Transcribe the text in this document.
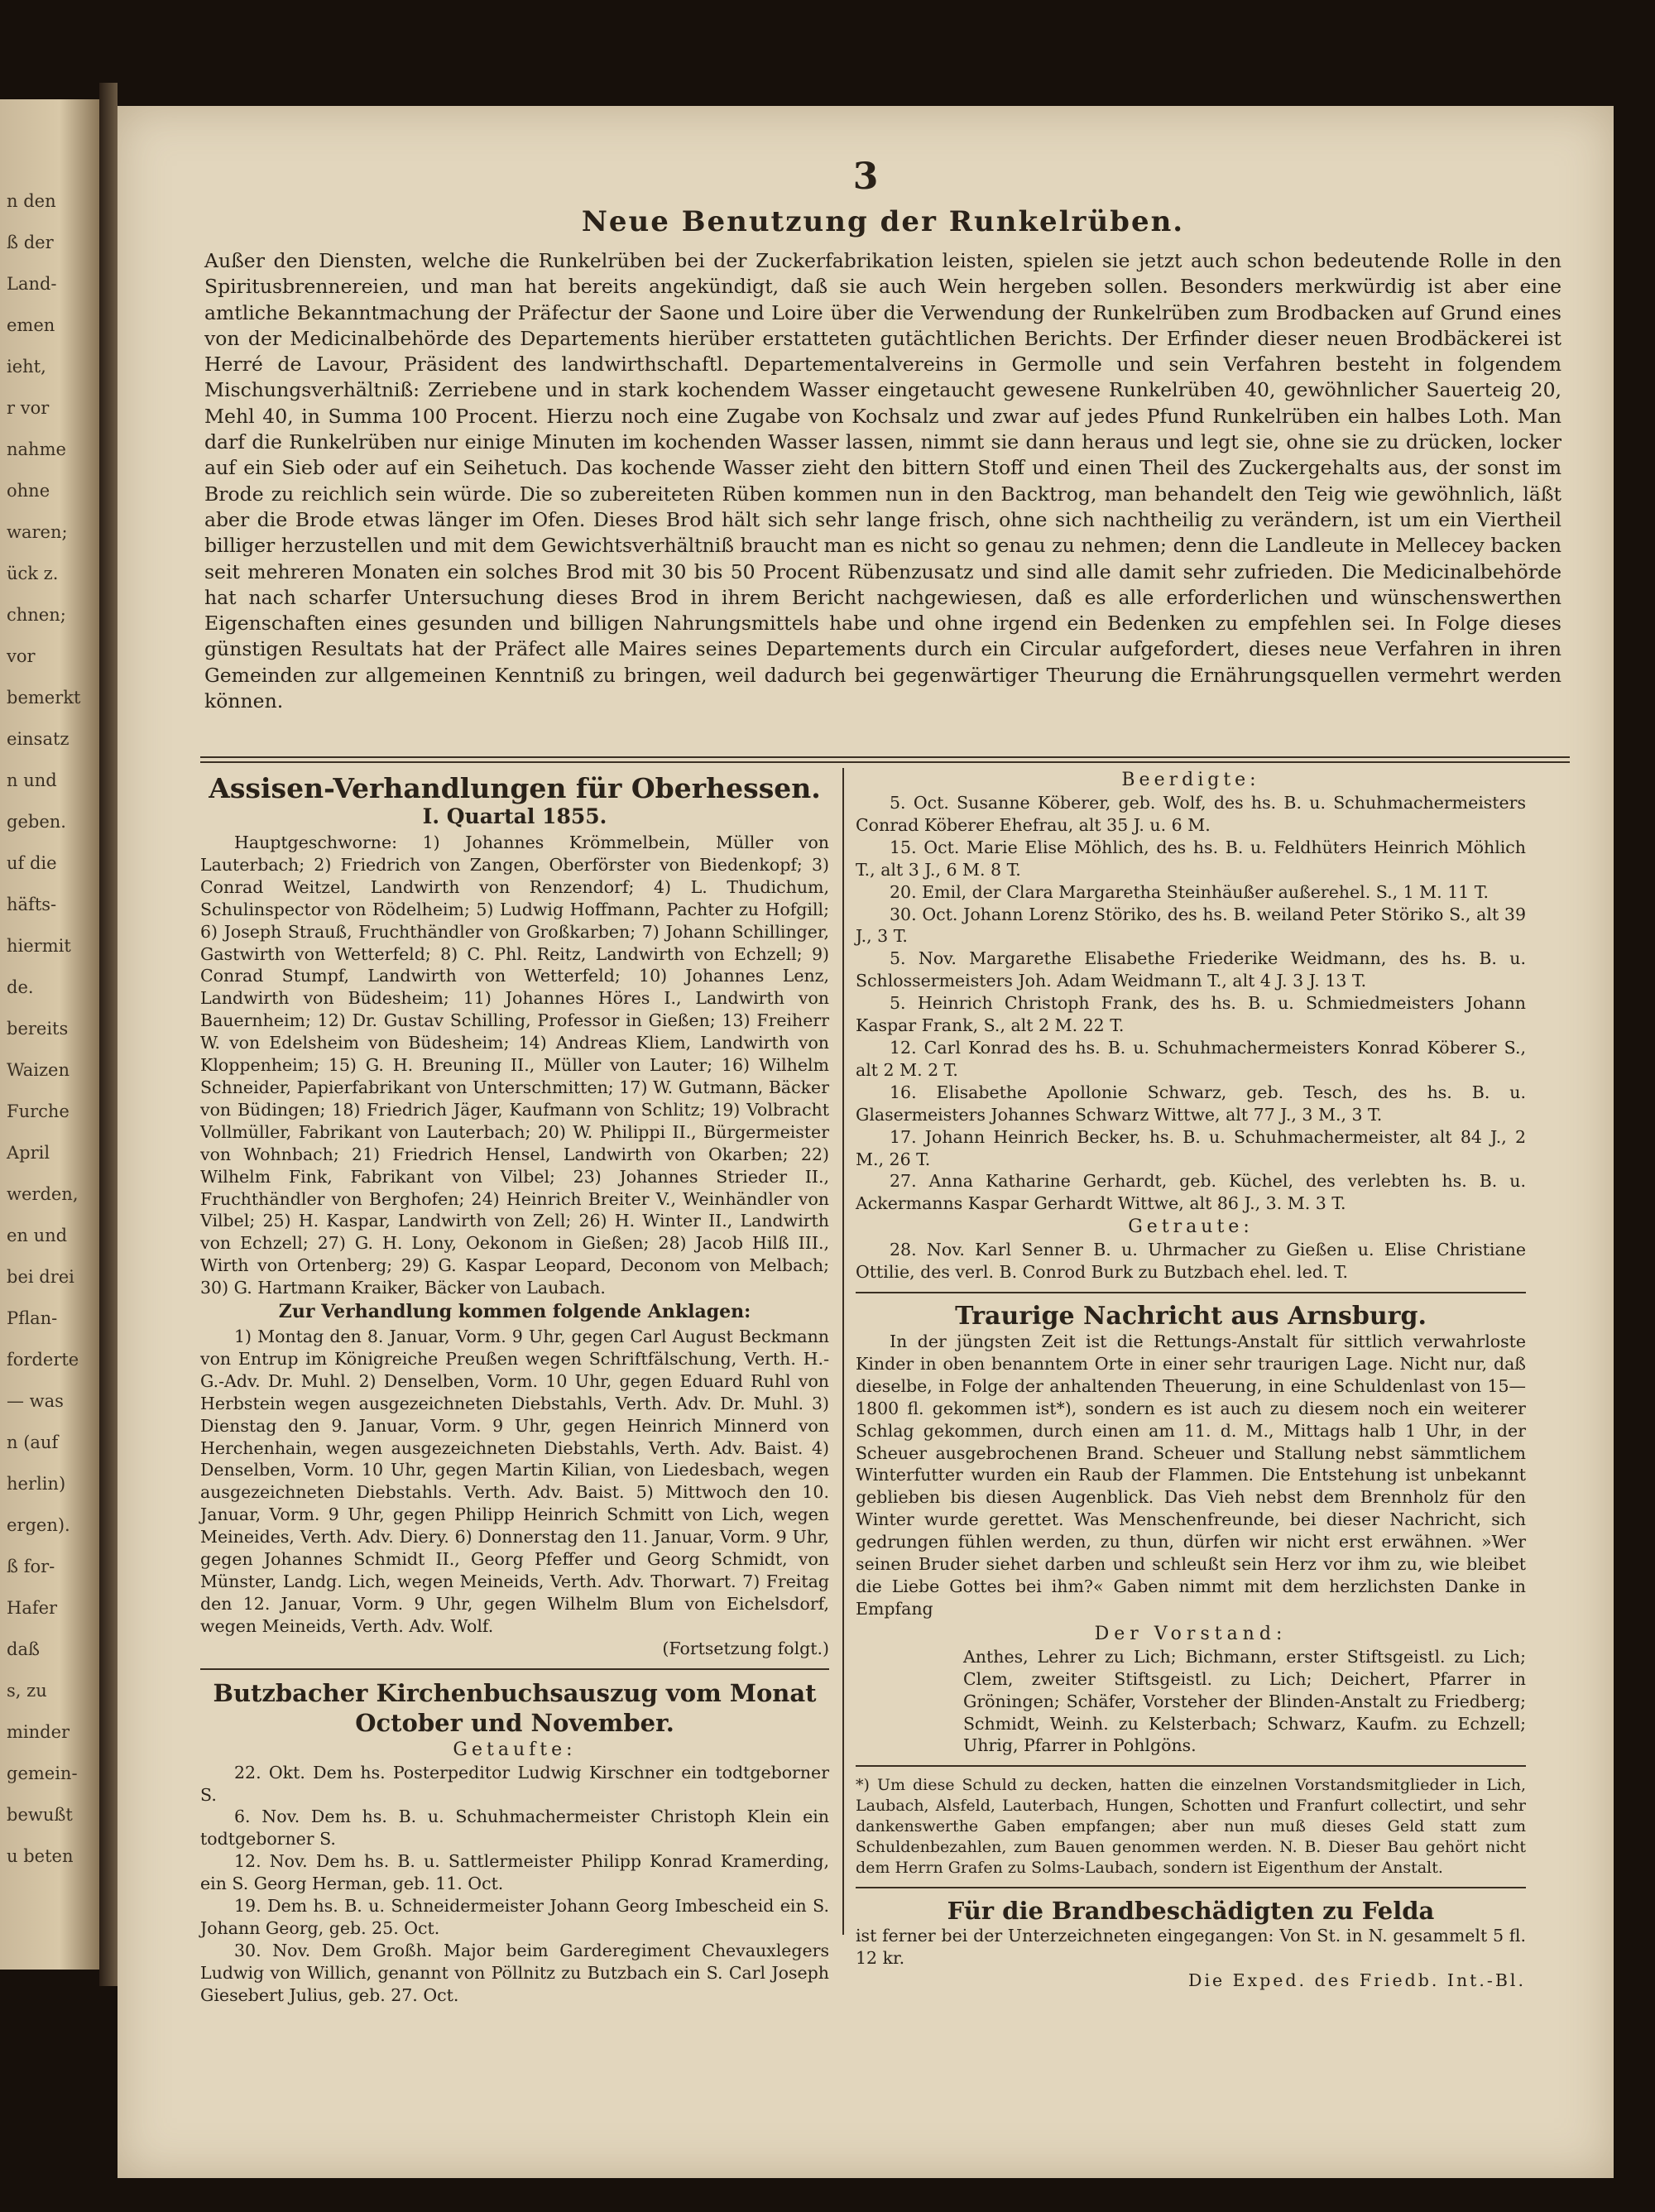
n den
ß der
Land-
emen
ieht,
r vor
nahme
ohne
waren;
ück z.
chnen;
vor
bemerkt
einsatz
n und
geben.
uf die
häfts-
hiermit
de.
bereits
Waizen
Furche
April
werden,
en und
bei drei
Pflan-
forderte
— was
n (auf
herlin)
ergen).
ß for-
Hafer
daß
s, zu
minder
gemein-
bewußt
u beten
3
Neue Benutzung der Runkelrüben.

Außer den Diensten, welche die Runkelrüben bei der Zuckerfabrikation leisten, spielen sie jetzt auch schon bedeutende Rolle in den Spiritusbrennereien, und man hat bereits angekündigt, daß sie auch Wein hergeben sollen. Besonders merkwürdig ist aber eine amtliche Bekanntmachung der Präfectur der Saone und Loire über die Verwendung der Runkelrüben zum Brodbacken auf Grund eines von der Medicinalbehörde des Departements hierüber erstatteten gutächtlichen Berichts. Der Erfinder dieser neuen Brodbäckerei ist Herré de Lavour, Präsident des landwirthschaftl. Departementalvereins in Germolle und sein Verfahren besteht in folgendem Mischungsverhältniß: Zerriebene und in stark kochendem Wasser eingetaucht gewesene Runkelrüben 40, gewöhnlicher Sauerteig 20, Mehl 40, in Summa 100 Procent. Hierzu noch eine Zugabe von Kochsalz und zwar auf jedes Pfund Runkelrüben ein halbes Loth. Man darf die Runkelrüben nur einige Minuten im kochenden Wasser lassen, nimmt sie dann heraus und legt sie, ohne sie zu drücken, locker auf ein Sieb oder auf ein Seihetuch. Das kochende Wasser zieht den bittern Stoff und einen Theil des Zuckergehalts aus, der sonst im Brode zu reichlich sein würde. Die so zubereiteten Rüben kommen nun in den Backtrog, man behandelt den Teig wie gewöhnlich, läßt aber die Brode etwas länger im Ofen. Dieses Brod hält sich sehr lange frisch, ohne sich nachtheilig zu verändern, ist um ein Viertheil billiger herzustellen und mit dem Gewichtsverhältniß braucht man es nicht so genau zu nehmen; denn die Landleute in Mellecey backen seit mehreren Monaten ein solches Brod mit 30 bis 50 Procent Rübenzusatz und sind alle damit sehr zufrieden. Die Medicinalbehörde hat nach scharfer Untersuchung dieses Brod in ihrem Bericht nachgewiesen, daß es alle erforderlichen und wünschenswerthen Eigenschaften eines gesunden und billigen Nahrungsmittels habe und ohne irgend ein Bedenken zu empfehlen sei. In Folge dieses günstigen Resultats hat der Präfect alle Maires seines Departements durch ein Circular aufgefordert, dieses neue Verfahren in ihren Gemeinden zur allgemeinen Kenntniß zu bringen, weil dadurch bei gegenwärtiger Theurung die Ernährungsquellen vermehrt werden können.

Assisen-Verhandlungen für Oberhessen.

I. Quartal 1855.

Hauptgeschworne: 1) Johannes Krömmelbein, Müller von Lauterbach; 2) Friedrich von Zangen, Oberförster von Biedenkopf; 3) Conrad Weitzel, Landwirth von Renzendorf; 4) L. Thudichum, Schulinspector von Rödelheim; 5) Ludwig Hoffmann, Pachter zu Hofgill; 6) Joseph Strauß, Fruchthändler von Großkarben; 7) Johann Schillinger, Gastwirth von Wetterfeld; 8) C. Phl. Reitz, Landwirth von Echzell; 9) Conrad Stumpf, Landwirth von Wetterfeld; 10) Johannes Lenz, Landwirth von Büdesheim; 11) Johannes Höres I., Landwirth von Bauernheim; 12) Dr. Gustav Schilling, Professor in Gießen; 13) Freiherr W. von Edelsheim von Büdesheim; 14) Andreas Kliem, Landwirth von Kloppenheim; 15) G. H. Breuning II., Müller von Lauter; 16) Wilhelm Schneider, Papierfabrikant von Unterschmitten; 17) W. Gutmann, Bäcker von Büdingen; 18) Friedrich Jäger, Kaufmann von Schlitz; 19) Volbracht Vollmüller, Fabrikant von Lauterbach; 20) W. Philippi II., Bürgermeister von Wohnbach; 21) Friedrich Hensel, Landwirth von Okarben; 22) Wilhelm Fink, Fabrikant von Vilbel; 23) Johannes Strieder II., Fruchthändler von Berghofen; 24) Heinrich Breiter V., Weinhändler von Vilbel; 25) H. Kaspar, Landwirth von Zell; 26) H. Winter II., Landwirth von Echzell; 27) G. H. Lony, Oekonom in Gießen; 28) Jacob Hilß III., Wirth von Ortenberg; 29) G. Kaspar Leopard, Deconom von Melbach; 30) G. Hartmann Kraiker, Bäcker von Laubach.

Zur Verhandlung kommen folgende Anklagen:

1) Montag den 8. Januar, Vorm. 9 Uhr, gegen Carl August Beckmann von Entrup im Königreiche Preußen wegen Schriftfälschung, Verth. H.-G.-Adv. Dr. Muhl. 2) Denselben, Vorm. 10 Uhr, gegen Eduard Ruhl von Herbstein wegen ausgezeichneten Diebstahls, Verth. Adv. Dr. Muhl. 3) Dienstag den 9. Januar, Vorm. 9 Uhr, gegen Heinrich Minnerd von Herchenhain, wegen ausgezeichneten Diebstahls, Verth. Adv. Baist. 4) Denselben, Vorm. 10 Uhr, gegen Martin Kilian, von Liedesbach, wegen ausgezeichneten Diebstahls. Verth. Adv. Baist. 5) Mittwoch den 10. Januar, Vorm. 9 Uhr, gegen Philipp Heinrich Schmitt von Lich, wegen Meineides, Verth. Adv. Diery. 6) Donnerstag den 11. Januar, Vorm. 9 Uhr, gegen Johannes Schmidt II., Georg Pfeffer und Georg Schmidt, von Münster, Landg. Lich, wegen Meineids, Verth. Adv. Thorwart. 7) Freitag den 12. Januar, Vorm. 9 Uhr, gegen Wilhelm Blum von Eichelsdorf, wegen Meineids, Verth. Adv. Wolf.

(Fortsetzung folgt.)

Butzbacher Kirchenbuchsauszug vom Monat October und November.

Getaufte:

22. Okt. Dem hs. Posterpeditor Ludwig Kirschner ein todtgeborner S.

6. Nov. Dem hs. B. u. Schuhmachermeister Christoph Klein ein todtgeborner S.

12. Nov. Dem hs. B. u. Sattlermeister Philipp Konrad Kramerding, ein S. Georg Herman, geb. 11. Oct.

19. Dem hs. B. u. Schneidermeister Johann Georg Imbescheid ein S. Johann Georg, geb. 25. Oct.

30. Nov. Dem Großh. Major beim Garderegiment Chevauxlegers Ludwig von Willich, genannt von Pöllnitz zu Butzbach ein S. Carl Joseph Giesebert Julius, geb. 27. Oct.

Beerdigte:

5. Oct. Susanne Köberer, geb. Wolf, des hs. B. u. Schuhmachermeisters Conrad Köberer Ehefrau, alt 35 J. u. 6 M.

15. Oct. Marie Elise Möhlich, des hs. B. u. Feldhüters Heinrich Möhlich T., alt 3 J., 6 M. 8 T.

20. Emil, der Clara Margaretha Steinhäußer außerehel. S., 1 M. 11 T.

30. Oct. Johann Lorenz Störiko, des hs. B. weiland Peter Störiko S., alt 39 J., 3 T.

5. Nov. Margarethe Elisabethe Friederike Weidmann, des hs. B. u. Schlossermeisters Joh. Adam Weidmann T., alt 4 J. 3 J. 13 T.

5. Heinrich Christoph Frank, des hs. B. u. Schmiedmeisters Johann Kaspar Frank, S., alt 2 M. 22 T.

12. Carl Konrad des hs. B. u. Schuhmachermeisters Konrad Köberer S., alt 2 M. 2 T.

16. Elisabethe Apollonie Schwarz, geb. Tesch, des hs. B. u. Glasermeisters Johannes Schwarz Wittwe, alt 77 J., 3 M., 3 T.

17. Johann Heinrich Becker, hs. B. u. Schuhmachermeister, alt 84 J., 2 M., 26 T.

27. Anna Katharine Gerhardt, geb. Küchel, des verlebten hs. B. u. Ackermanns Kaspar Gerhardt Wittwe, alt 86 J., 3. M. 3 T.

Getraute:

28. Nov. Karl Senner B. u. Uhrmacher zu Gießen u. Elise Christiane Ottilie, des verl. B. Conrod Burk zu Butzbach ehel. led. T.

Traurige Nachricht aus Arnsburg.

In der jüngsten Zeit ist die Rettungs-Anstalt für sittlich verwahrloste Kinder in oben benanntem Orte in einer sehr traurigen Lage. Nicht nur, daß dieselbe, in Folge der anhaltenden Theuerung, in eine Schuldenlast von 15—1800 fl. gekommen ist*), sondern es ist auch zu diesem noch ein weiterer Schlag gekommen, durch einen am 11. d. M., Mittags halb 1 Uhr, in der Scheuer ausgebrochenen Brand. Scheuer und Stallung nebst sämmtlichem Winterfutter wurden ein Raub der Flammen. Die Entstehung ist unbekannt geblieben bis diesen Augenblick. Das Vieh nebst dem Brennholz für den Winter wurde gerettet. Was Menschenfreunde, bei dieser Nachricht, sich gedrungen fühlen werden, zu thun, dürfen wir nicht erst erwähnen. »Wer seinen Bruder siehet darben und schleußt sein Herz vor ihm zu, wie bleibet die Liebe Gottes bei ihm?« Gaben nimmt mit dem herzlichsten Danke in Empfang

Der Vorstand:

Anthes, Lehrer zu Lich; Bichmann, erster Stiftsgeistl. zu Lich; Clem, zweiter Stiftsgeistl. zu Lich; Deichert, Pfarrer in Gröningen; Schäfer, Vorsteher der Blinden-Anstalt zu Friedberg; Schmidt, Weinh. zu Kelsterbach; Schwarz, Kaufm. zu Echzell; Uhrig, Pfarrer in Pohlgöns.

*) Um diese Schuld zu decken, hatten die einzelnen Vorstandsmitglieder in Lich, Laubach, Alsfeld, Lauterbach, Hungen, Schotten und Franfurt collectirt, und sehr dankenswerthe Gaben empfangen; aber nun muß dieses Geld statt zum Schuldenbezahlen, zum Bauen genommen werden. N. B. Dieser Bau gehört nicht dem Herrn Grafen zu Solms-Laubach, sondern ist Eigenthum der Anstalt.

Für die Brandbeschädigten zu Felda

ist ferner bei der Unterzeichneten eingegangen: Von St. in N. gesammelt 5 fl. 12 kr.

Die Exped. des Friedb. Int.-Bl.
